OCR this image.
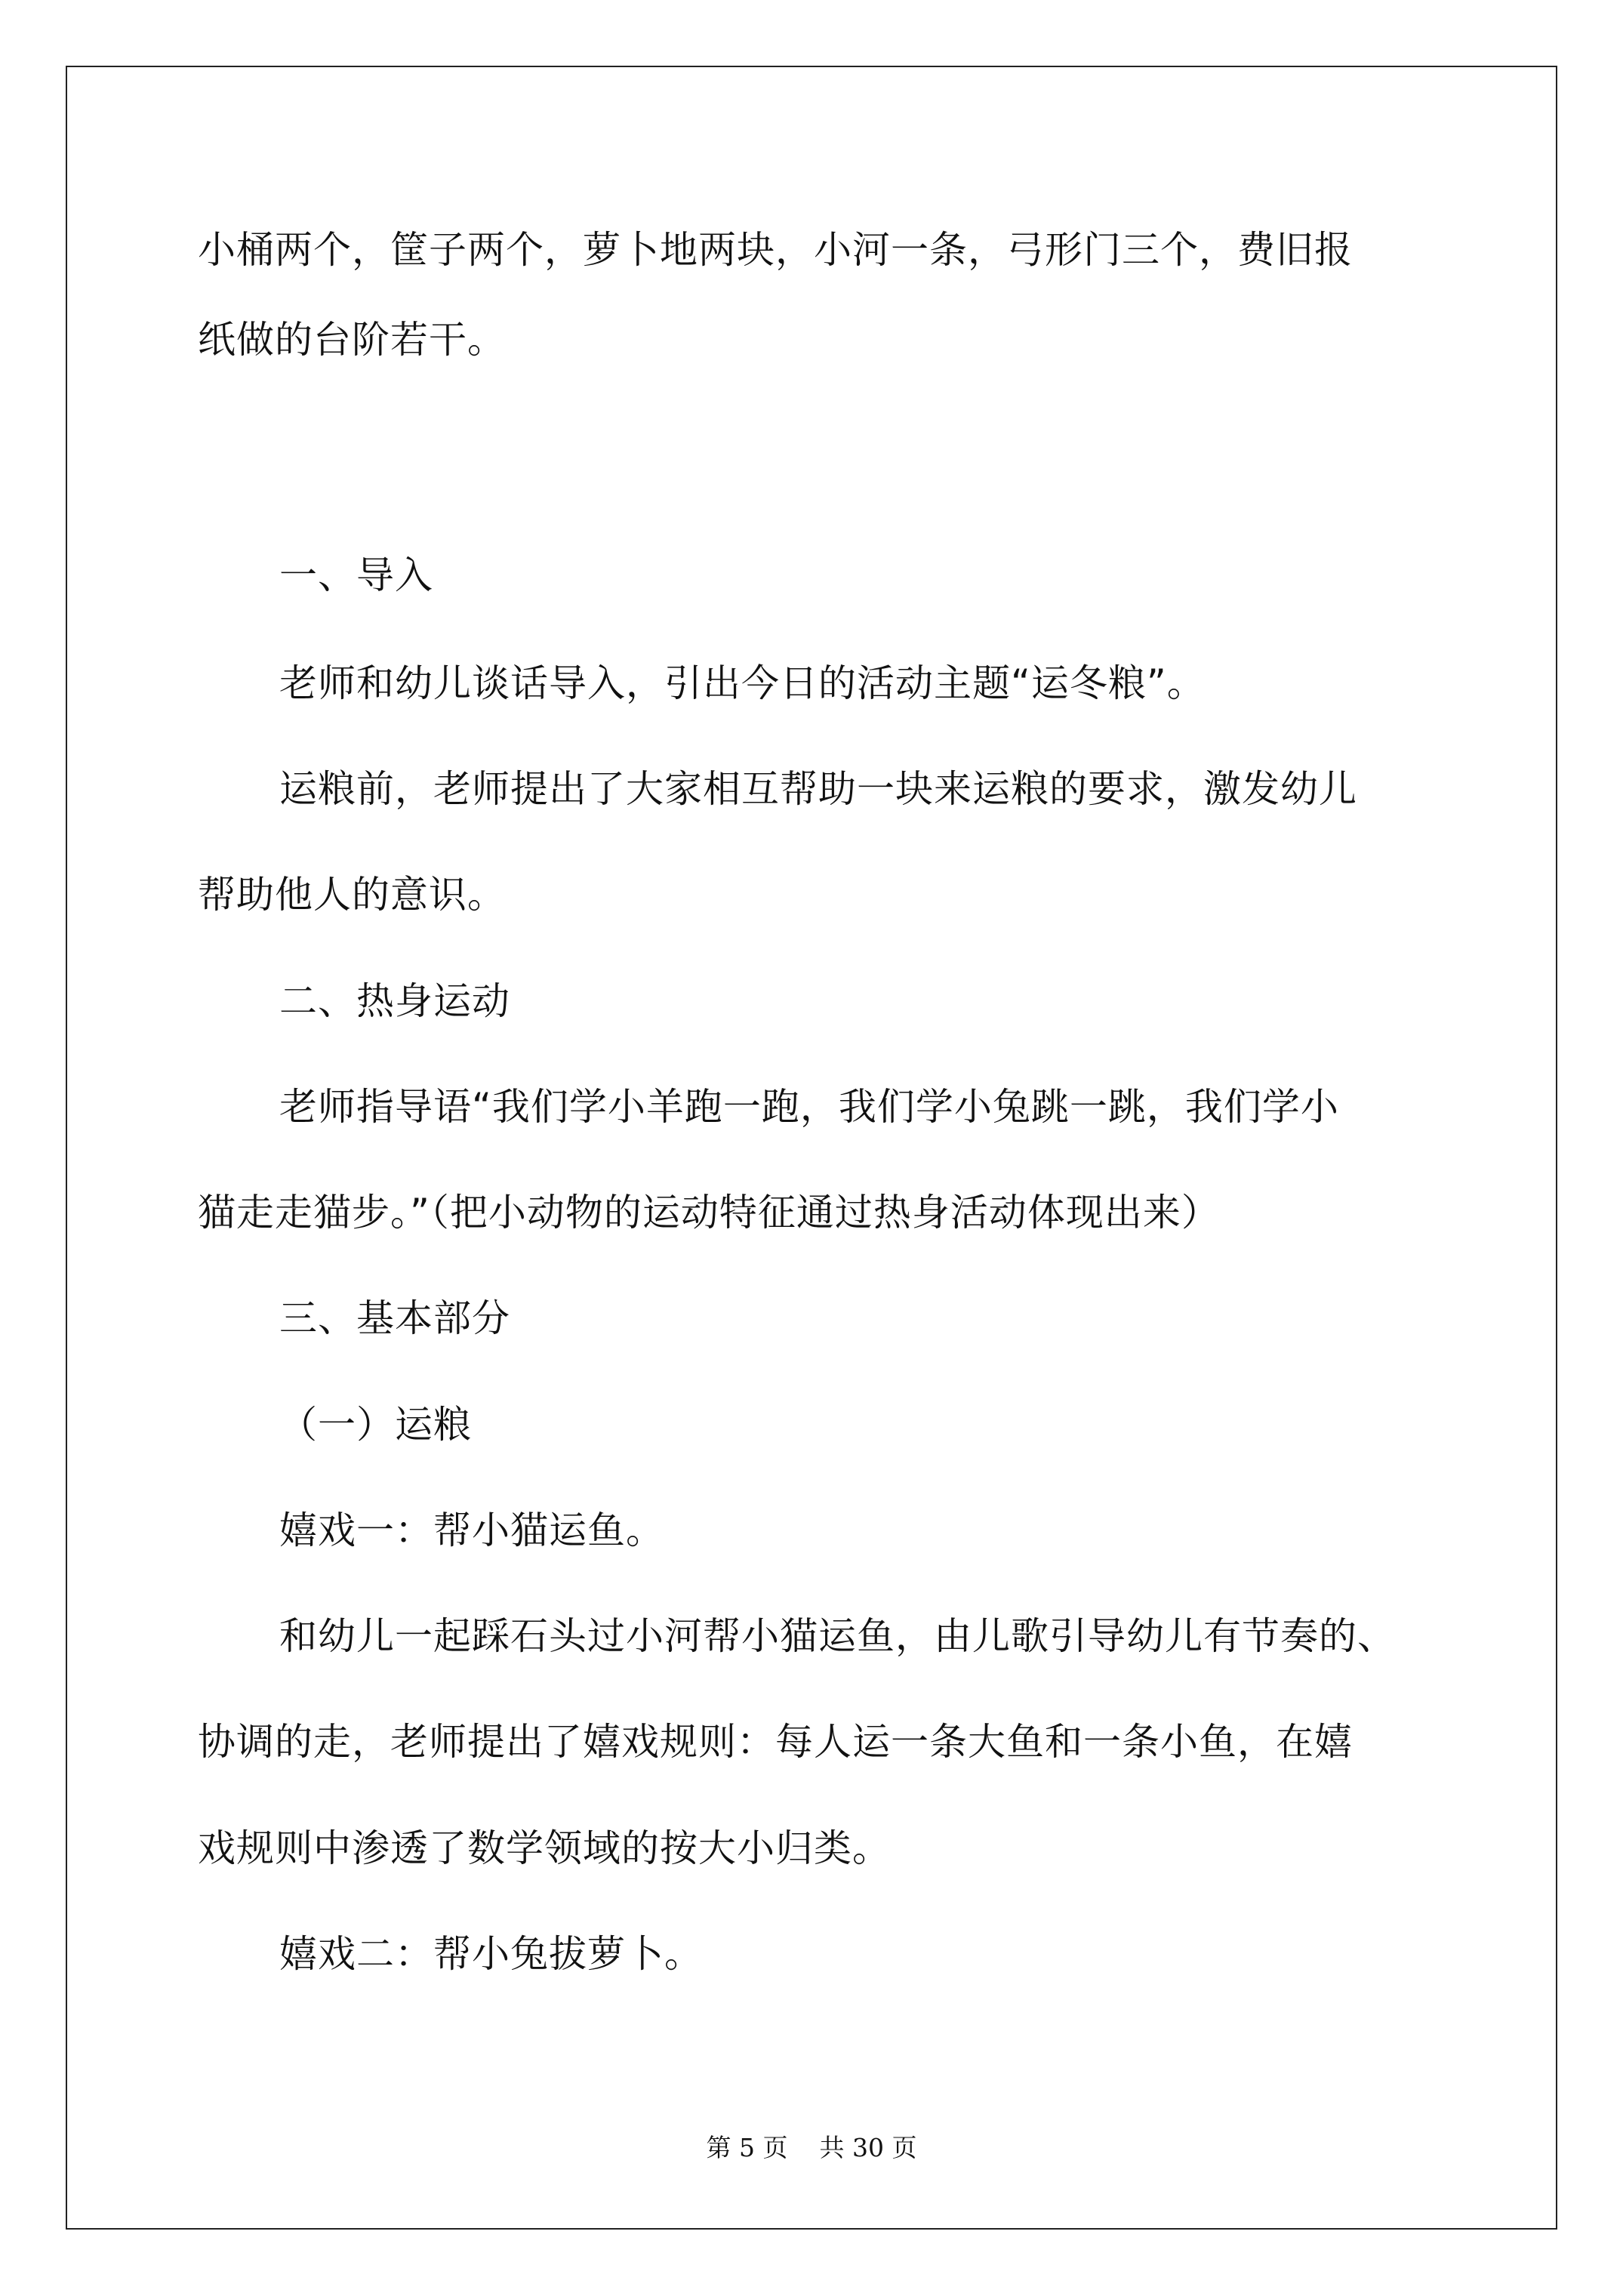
小桶两个，筐子两个，萝卜地两块，小河一条，弓形门三个，费旧报
纸做的台阶若干。
一、导入
老师和幼儿谈话导入，引出今日的活动主题“运冬粮”。
运粮前，老师提出了大家相互帮助一块来运粮的要求，激发幼儿
帮助他人的意识。
二、热身运动
老师指导语“我们学小羊跑一跑，我们学小兔跳一跳，我们学小
猫走走猫步。”（把小动物的运动特征通过热身活动体现出来）
三、基本部分
（一）运粮
嬉戏一：帮小猫运鱼。
和幼儿一起踩石头过小河帮小猫运鱼，由儿歌引导幼儿有节奏的、
协调的走，老师提出了嬉戏规则：每人运一条大鱼和一条小鱼，在嬉
戏规则中渗透了数学领域的按大小归类。
嬉戏二：帮小兔拔萝卜。
第 5 页    共 30 页
